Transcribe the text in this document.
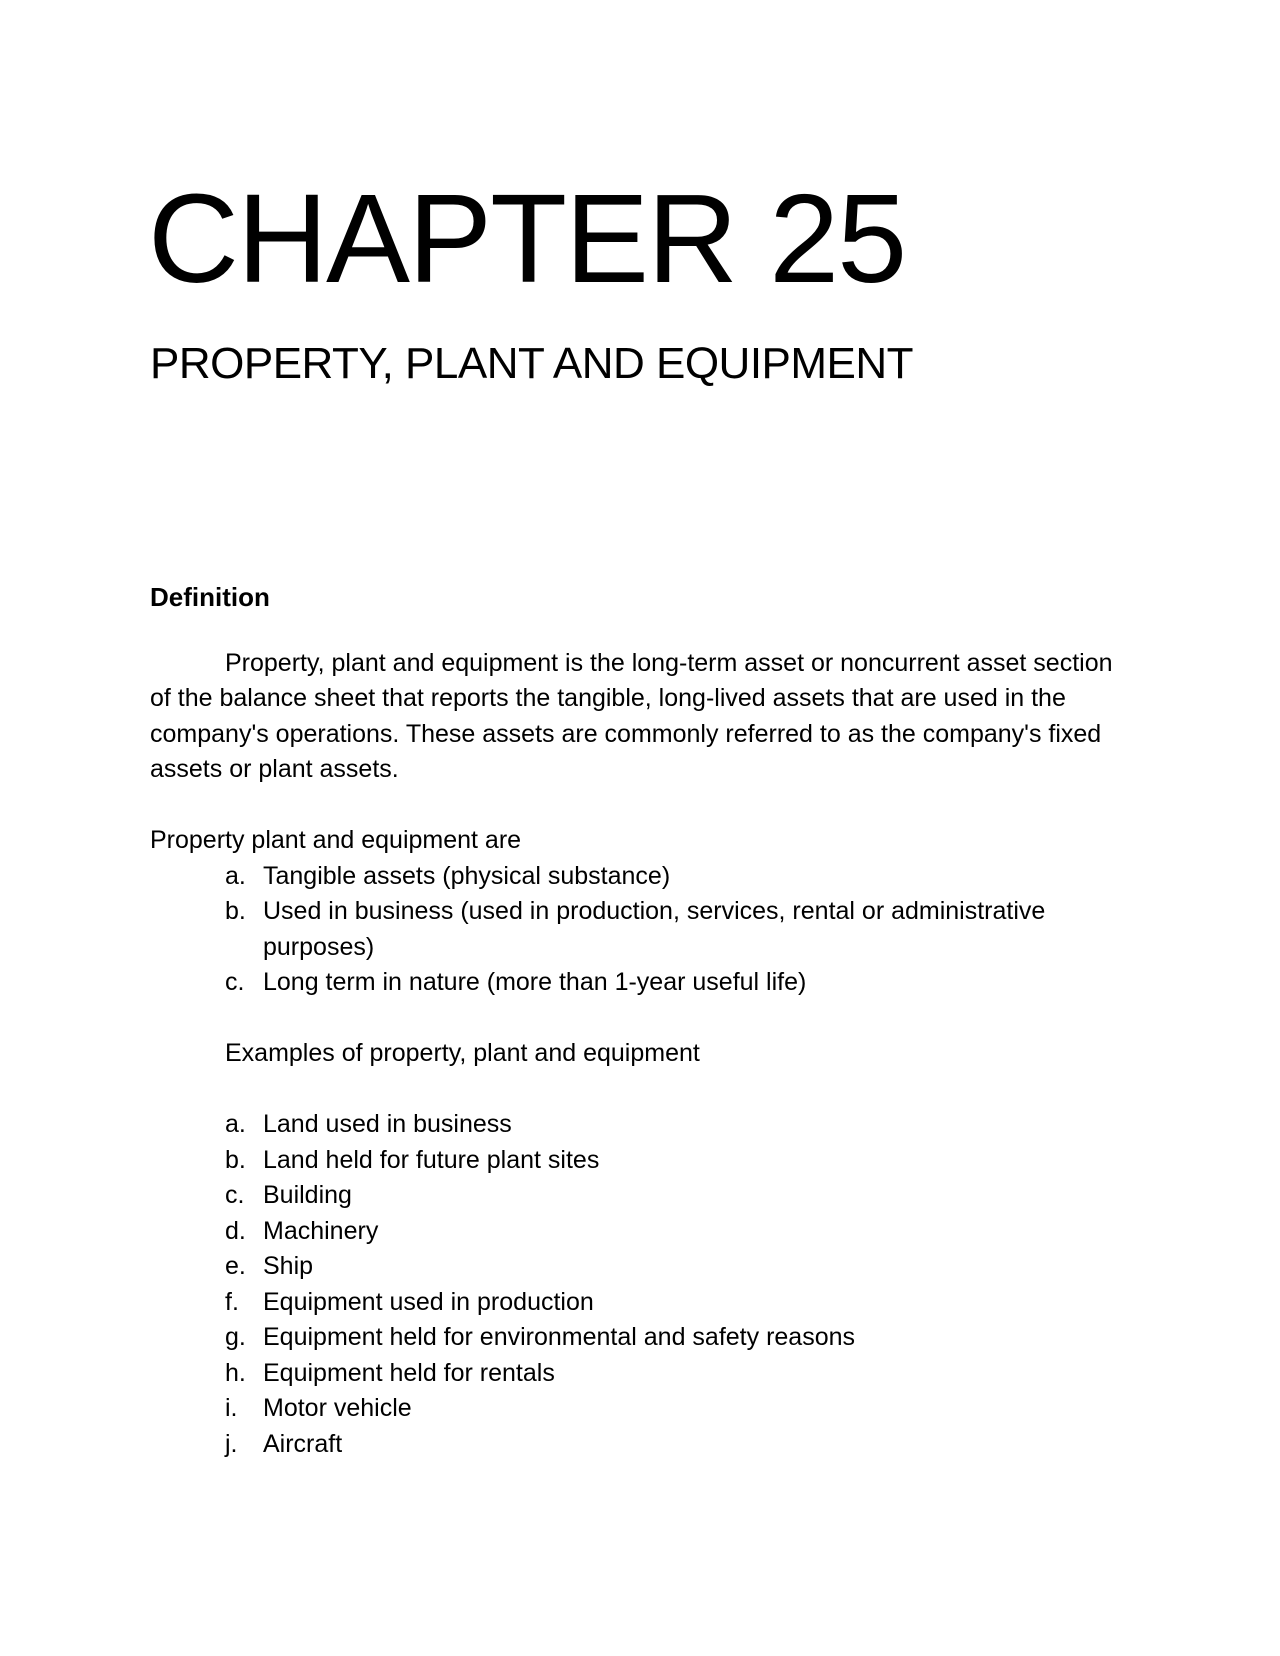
CHAPTER 25
PROPERTY, PLANT AND EQUIPMENT
Definition

Property, plant and equipment is the long-term asset or noncurrent asset section of the balance sheet that reports the tangible, long-lived assets that are used in the company's operations. These assets are commonly referred to as the company's fixed assets or plant assets.

Property plant and equipment are

a. Tangible assets (physical substance)
b. Used in business (used in production, services, rental or administrative purposes)
c. Long term in nature (more than 1-year useful life)

Examples of property, plant and equipment

a. Land used in business
b. Land held for future plant sites
c. Building
d. Machinery
e. Ship
f. Equipment used in production
g. Equipment held for environmental and safety reasons
h. Equipment held for rentals
i.	Motor vehicle
j.	Aircraft
